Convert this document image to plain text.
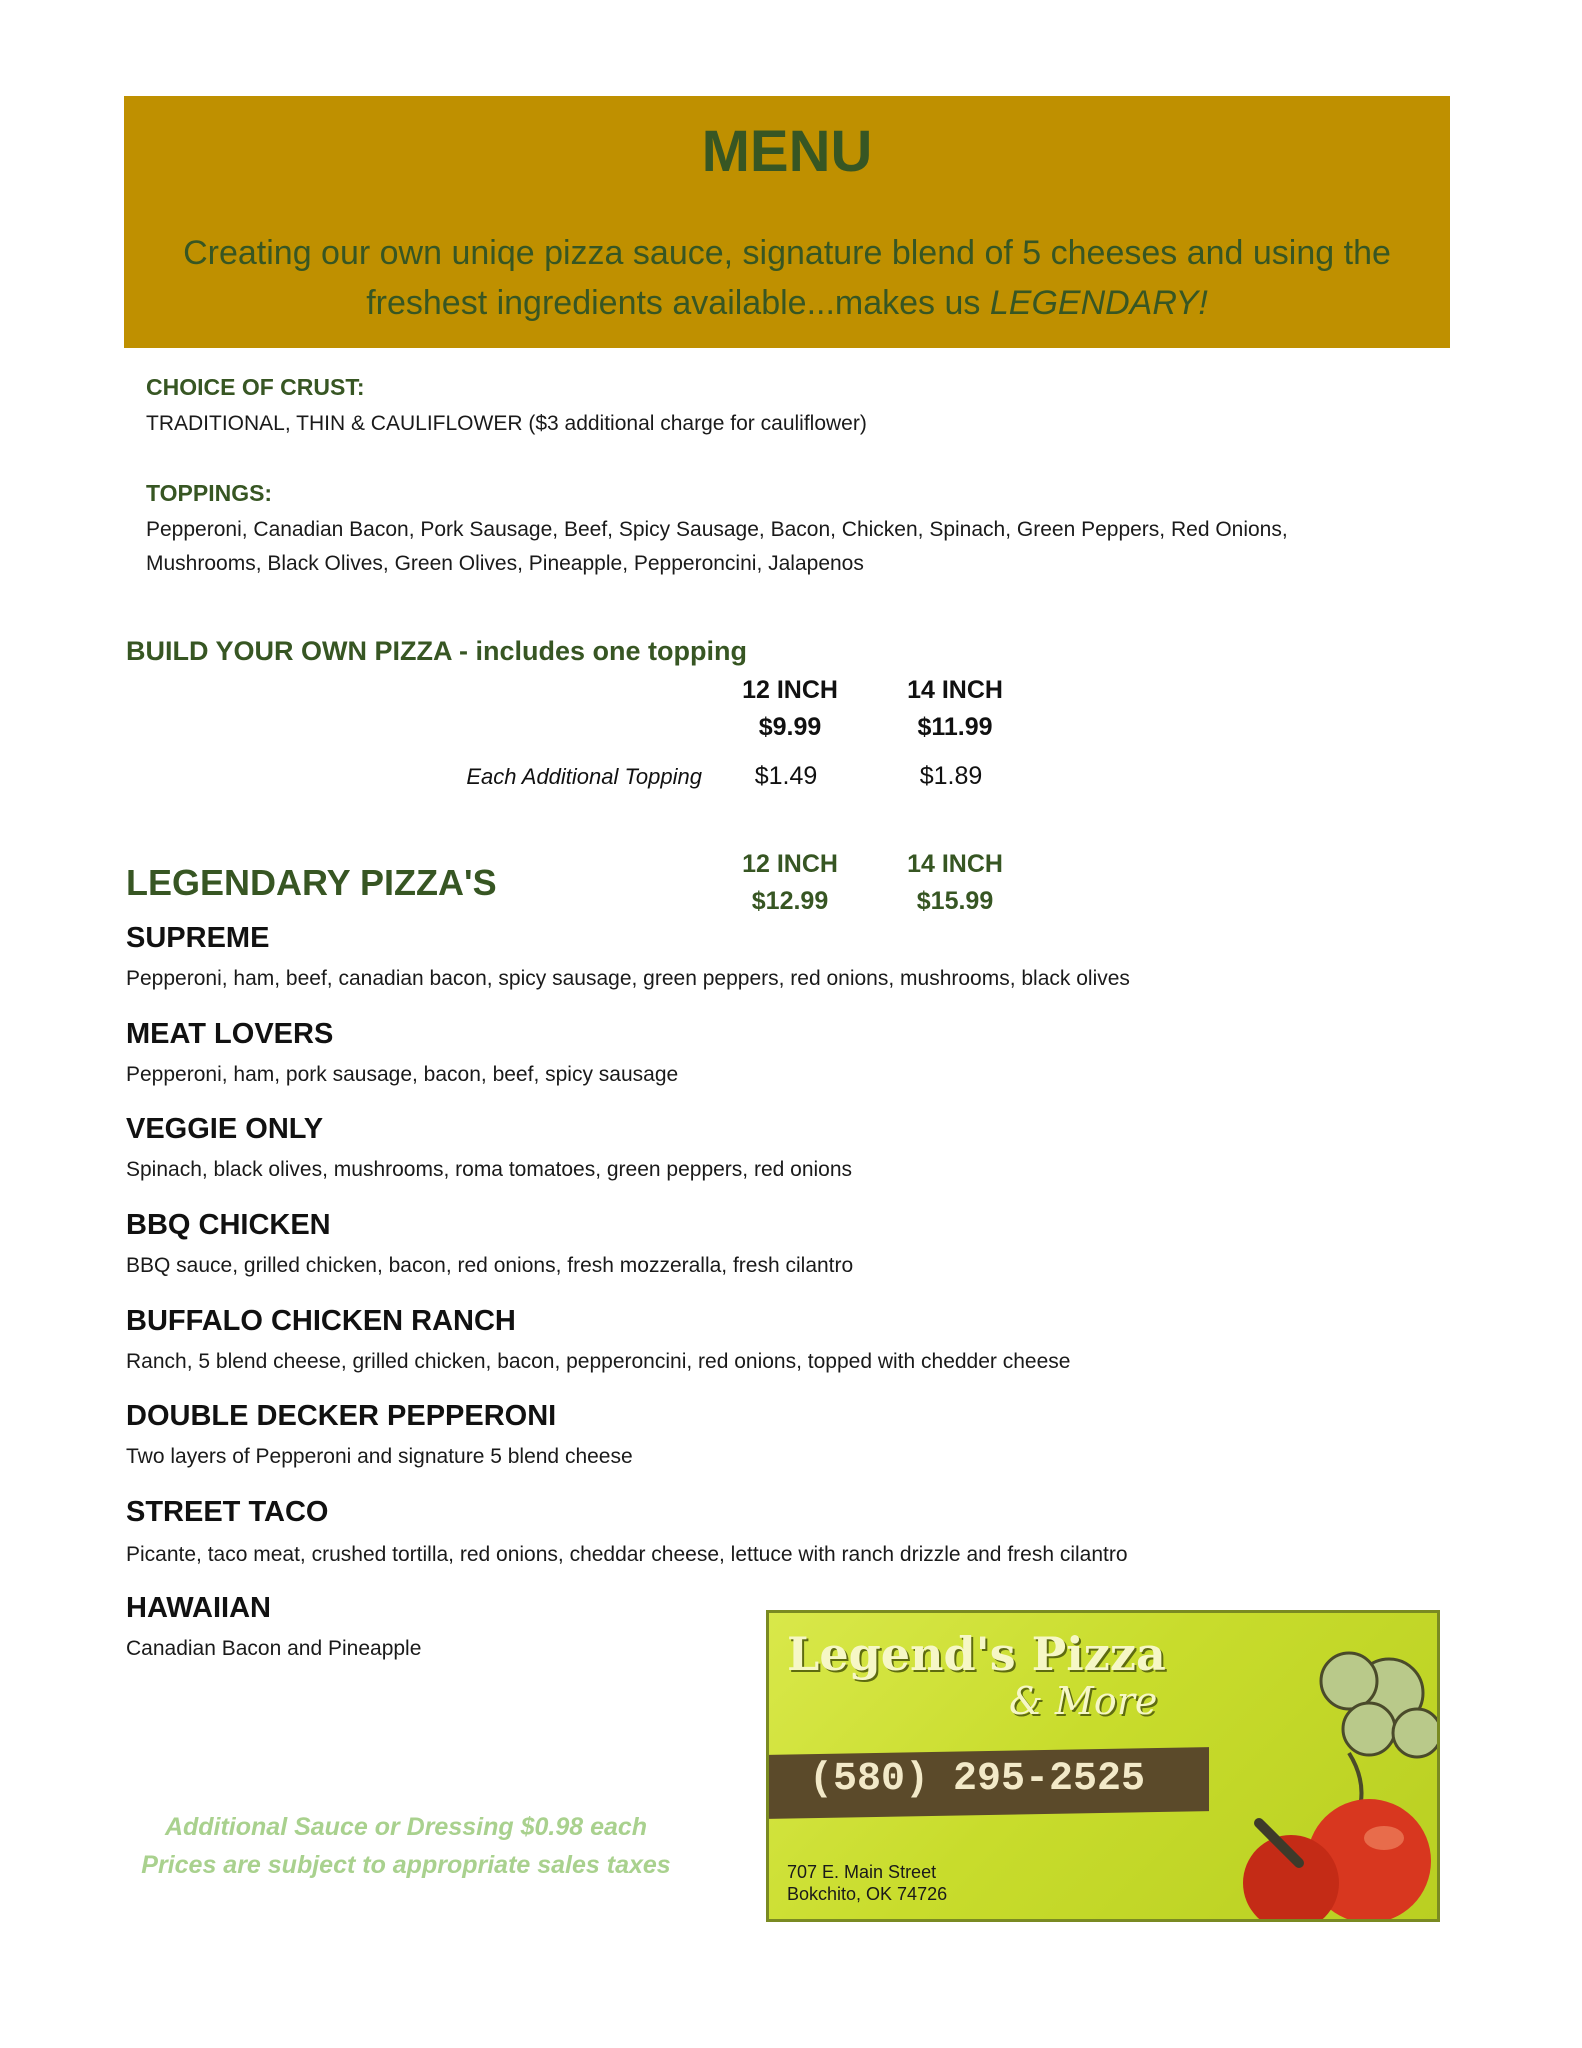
MENU
Creating our own uniqe pizza sauce, signature blend of 5 cheeses and using the freshest ingredients available...makes us LEGENDARY!
CHOICE OF CRUST:
TRADITIONAL, THIN & CAULIFLOWER ($3 additional charge for cauliflower)
TOPPINGS:
Pepperoni, Canadian Bacon, Pork Sausage, Beef, Spicy Sausage, Bacon, Chicken, Spinach, Green Peppers, Red Onions,
Mushrooms, Black Olives, Green Olives, Pineapple, Pepperoncini, Jalapenos
BUILD YOUR OWN PIZZA - includes one topping
12 INCH	14 INCH
$9.99	$11.99
Each Additional Topping	$1.49	$1.89
LEGENDARY PIZZA'S	12 INCH	14 INCH
$12.99	$15.99
SUPREME
Pepperoni, ham, beef, canadian bacon, spicy sausage, green peppers, red onions, mushrooms, black olives
MEAT LOVERS
Pepperoni, ham, pork sausage, bacon, beef, spicy sausage
VEGGIE ONLY
Spinach, black olives, mushrooms, roma tomatoes, green peppers, red onions
BBQ CHICKEN
BBQ sauce, grilled chicken, bacon, red onions, fresh mozzeralla, fresh cilantro
BUFFALO CHICKEN RANCH
Ranch, 5 blend cheese, grilled chicken, bacon, pepperoncini, red onions, topped with chedder cheese
DOUBLE DECKER PEPPERONI
Two layers of Pepperoni and signature 5 blend cheese
STREET TACO
Picante, taco meat, crushed tortilla, red onions, cheddar cheese, lettuce with ranch drizzle and fresh cilantro
HAWAIIAN
Canadian Bacon and Pineapple
Additional Sauce or Dressing $0.98 each
Prices are subject to appropriate sales taxes
Legend's Pizza
& More
(580) 295-2525
707 E. Main Street
Bokchito, OK 74726
